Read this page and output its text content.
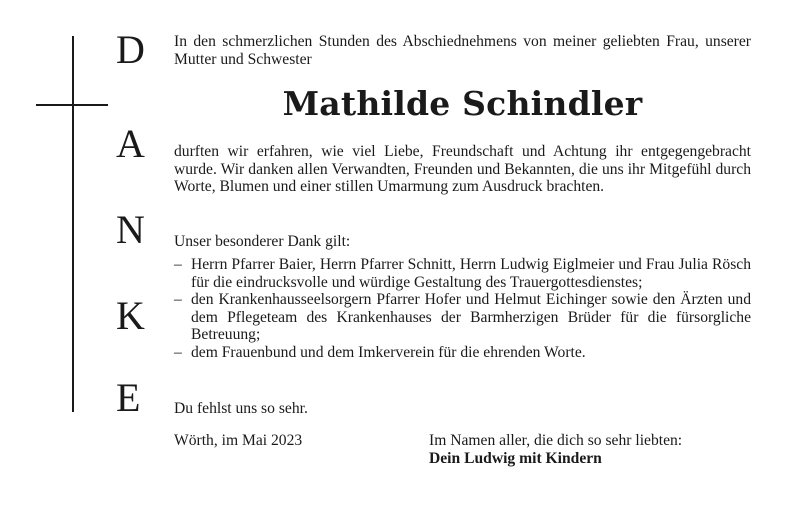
D
A
N
K
E
In den schmerzlichen Stunden des Abschiednehmens von meiner geliebten Frau, unserer Mutter und Schwester
Mathilde Schindler
durften wir erfahren, wie viel Liebe, Freundschaft und Achtung ihr entgegengebracht wurde. Wir danken allen Verwandten, Freunden und Bekannten, die uns ihr Mitgefühl durch Worte, Blumen und einer stillen Umarmung zum Ausdruck brachten.
Unser besonderer Dank gilt:
– Herrn Pfarrer Baier, Herrn Pfarrer Schnitt, Herrn Ludwig Eiglmeier und Frau Julia Rösch für die eindrucksvolle und würdige Gestaltung des Trauergottesdienstes;
– den Krankenhausseelsorgern Pfarrer Hofer und Helmut Eichinger sowie den Ärzten und dem Pflegeteam des Krankenhauses der Barmherzigen Brüder für die fürsorgliche Betreuung;
– dem Frauenbund und dem Imkerverein für die ehrenden Worte.
Du fehlst uns so sehr.
Wörth, im Mai 2023	Im Namen aller, die dich so sehr liebten:
Dein Ludwig mit Kindern
